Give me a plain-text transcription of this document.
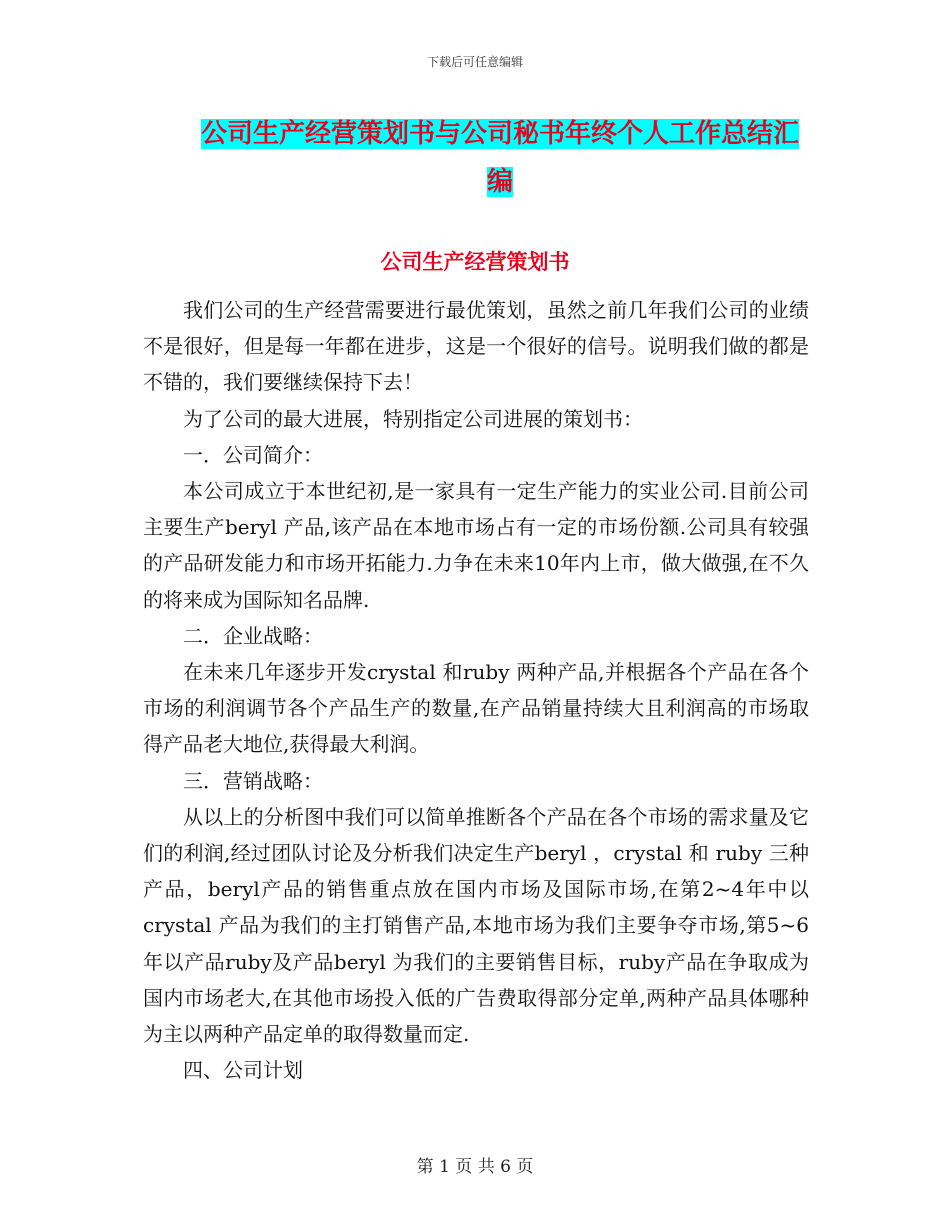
下载后可任意编辑
公司生产经营策划书与公司秘书年终个人工作总结汇编
公司生产经营策划书

我们公司的生产经营需要进行最优策划，虽然之前几年我们公司的业绩不是很好，但是每一年都在进步，这是一个很好的信号。说明我们做的都是不错的，我们要继续保持下去！

为了公司的最大进展，特别指定公司进展的策划书：

一．公司简介：

本公司成立于本世纪初,是一家具有一定生产能力的实业公司.目前公司主要生产beryl 产品,该产品在本地市场占有一定的市场份额.公司具有较强的产品研发能力和市场开拓能力.力争在未来10年内上市，做大做强,在不久的将来成为国际知名品牌.

二．企业战略：

在未来几年逐步开发crystal 和ruby 两种产品,并根据各个产品在各个市场的利润调节各个产品生产的数量,在产品销量持续大且利润高的市场取得产品老大地位,获得最大利润。

三．营销战略：

从以上的分析图中我们可以简单推断各个产品在各个市场的需求量及它们的利润,经过团队讨论及分析我们决定生产beryl ，crystal 和 ruby 三种产品，beryl产品的销售重点放在国内市场及国际市场,在第2~4年中以crystal 产品为我们的主打销售产品,本地市场为我们主要争夺市场,第5~6年以产品ruby及产品beryl 为我们的主要销售目标，ruby产品在争取成为国内市场老大,在其他市场投入低的广告费取得部分定单,两种产品具体哪种为主以两种产品定单的取得数量而定.

四、公司计划

第 1 页 共 6 页
